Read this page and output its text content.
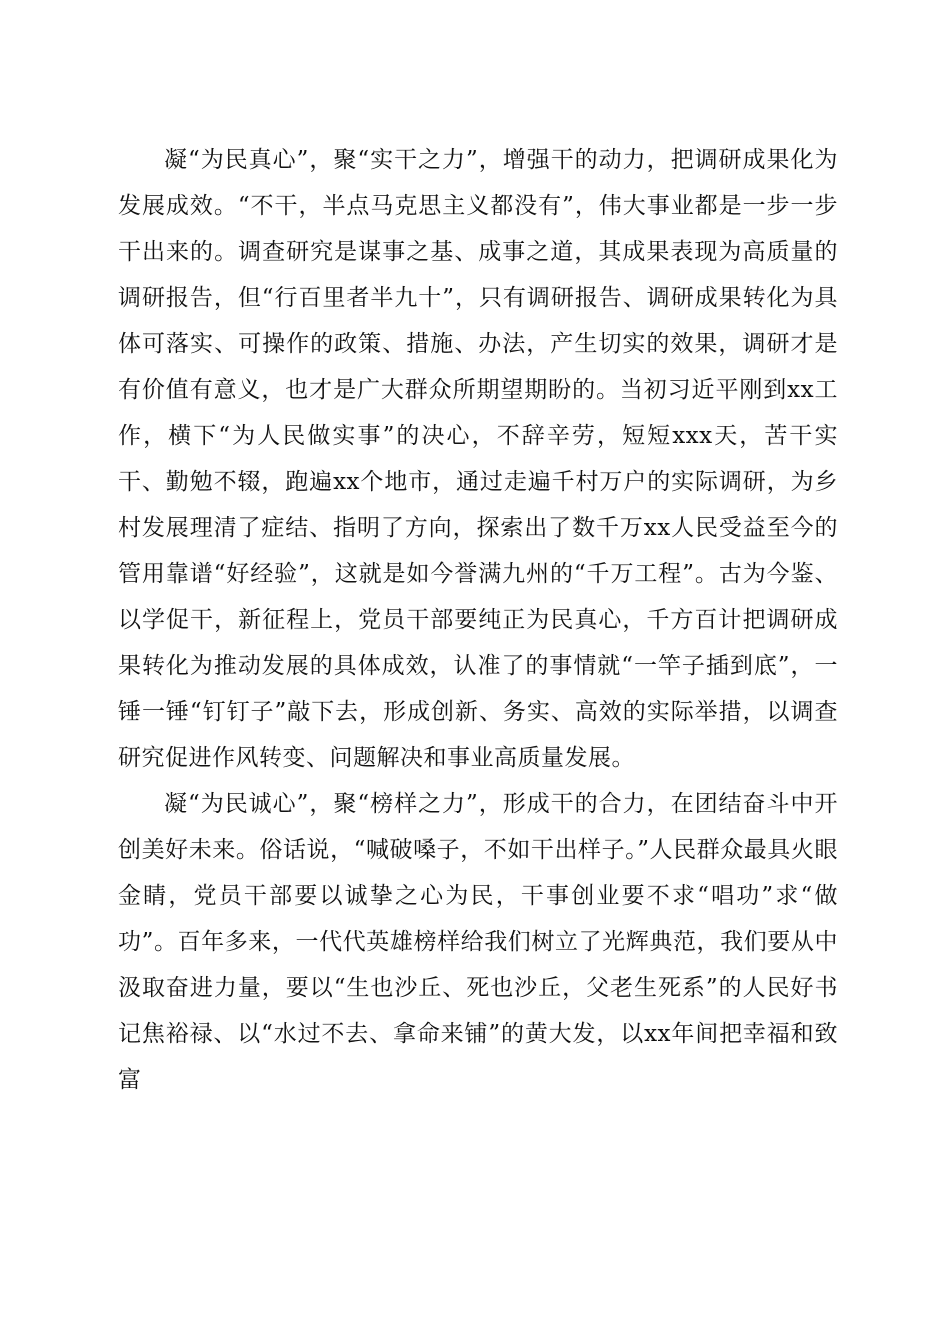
凝“为民真心”，聚“实干之力”，增强干的动力，把调研成果化为发展成效。“不干，半点马克思主义都没有”，伟大事业都是一步一步干出来的。调查研究是谋事之基、成事之道，其成果表现为高质量的调研报告，但“行百里者半九十”，只有调研报告、调研成果转化为具体可落实、可操作的政策、措施、办法，产生切实的效果，调研才是有价值有意义，也才是广大群众所期望期盼的。当初习近平刚到xx工作，横下“为人民做实事”的决心，不辞辛劳，短短xxx天，苦干实干、勤勉不辍，跑遍xx个地市，通过走遍千村万户的实际调研，为乡村发展理清了症结、指明了方向，探索出了数千万xx人民受益至今的管用靠谱“好经验”，这就是如今誉满九州的“千万工程”。古为今鉴、以学促干，新征程上，党员干部要纯正为民真心，千方百计把调研成果转化为推动发展的具体成效，认准了的事情就“一竿子插到底”，一锤一锤“钉钉子”敲下去，形成创新、务实、高效的实际举措，以调查研究促进作风转变、问题解决和事业高质量发展。

凝“为民诚心”，聚“榜样之力”，形成干的合力，在团结奋斗中开创美好未来。俗话说，“喊破嗓子，不如干出样子。”人民群众最具火眼金睛，党员干部要以诚挚之心为民，干事创业要不求“唱功”求“做功”。百年多来，一代代英雄榜样给我们树立了光辉典范，我们要从中汲取奋进力量，要以“生也沙丘、死也沙丘，父老生死系”的人民好书记焦裕禄、以“水过不去、拿命来铺”的黄大发，以xx年间把幸福和致富
